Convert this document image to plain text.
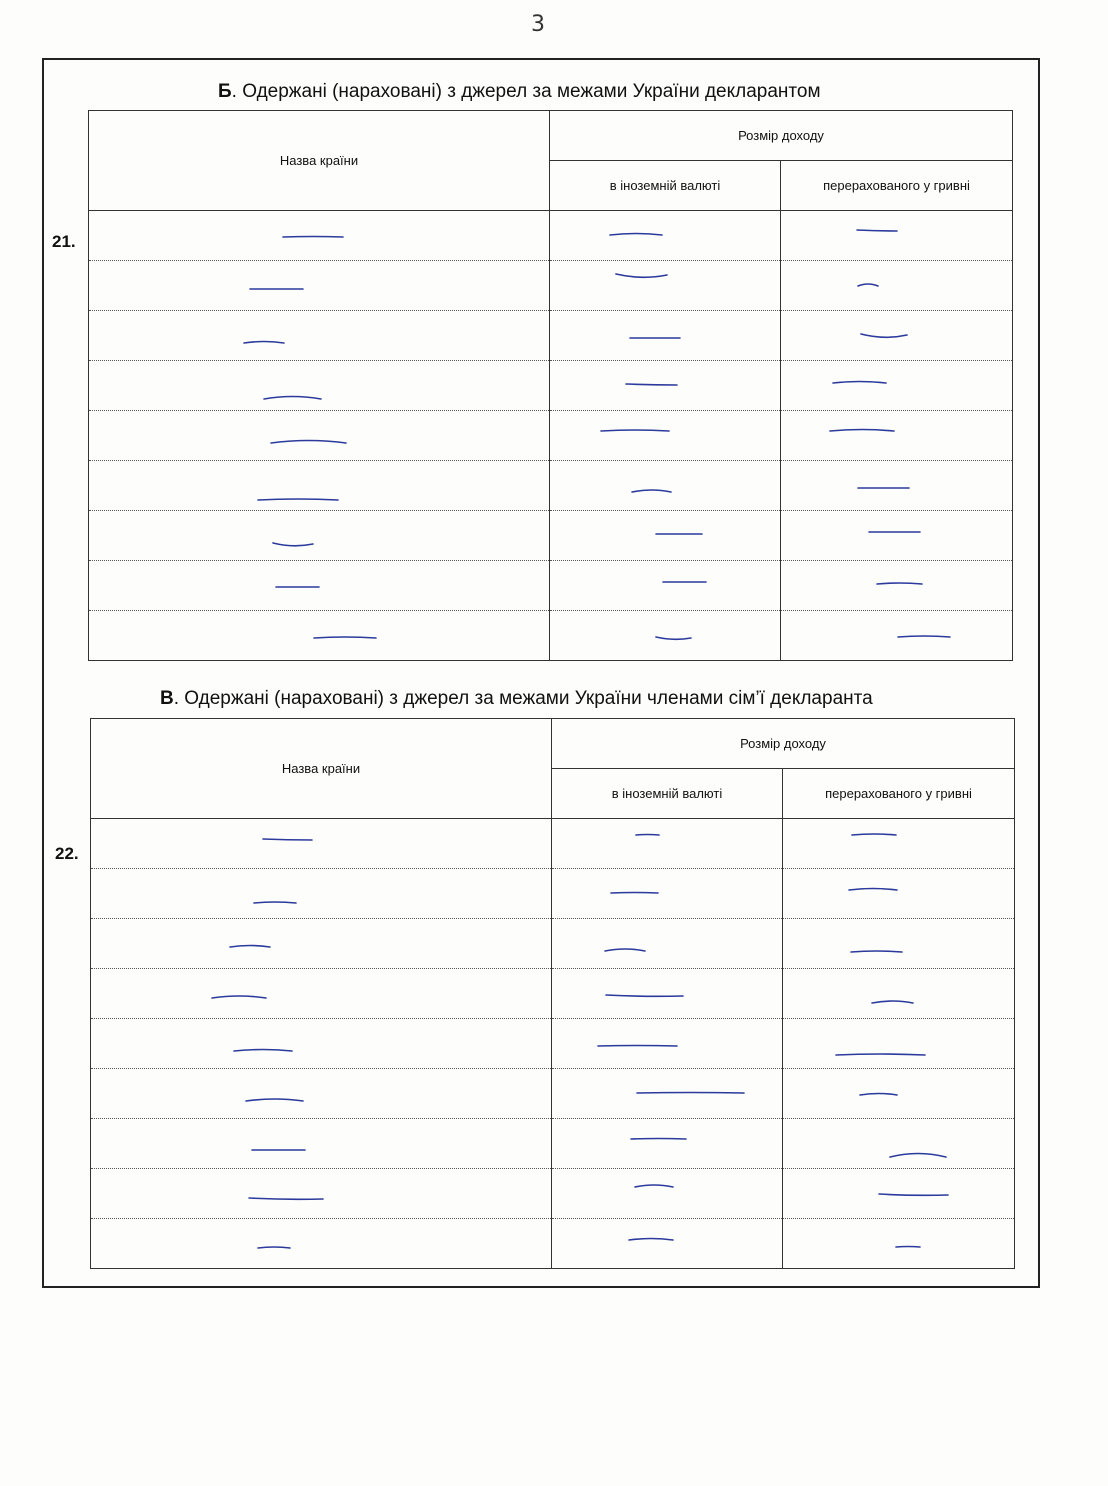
3
Б. Одержані (нараховані) з джерел за межами України декларантом
21.
Назва країни	Розмір доходу	
	в іноземній валюті	перерахованого у гривні

В. Одержані (нараховані) з джерел за межами України членами сім’ї декларанта
22.
Назва країни	Розмір доходу	
	в іноземній валюті	перерахованого у гривні
